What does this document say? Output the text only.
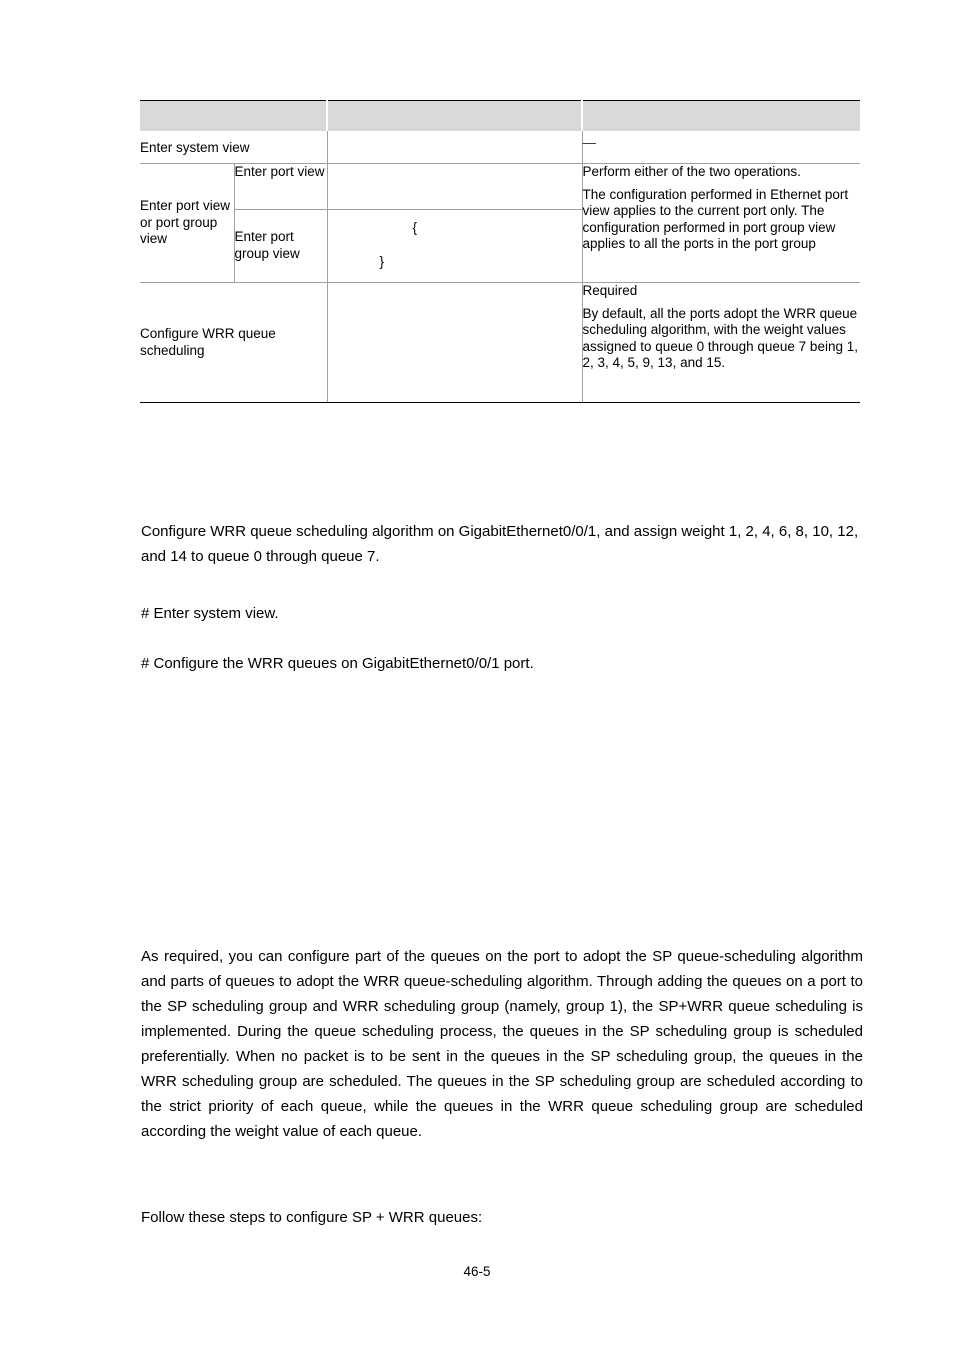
Enter system view			—
Enter port view or port group view	Enter port view		Perform either of the two operations.

The configuration performed in Ethernet port view applies to the current port only. The configuration performed in port group view applies to all the ports in the port group

	Enter port group view	{
}	

Configure WRR queue scheduling			Required

By default, all the ports adopt the WRR queue scheduling algorithm, with the weight values assigned to queue 0 through queue 7 being 1, 2, 3, 4, 5, 9, 13, and 15.

Configure WRR queue scheduling algorithm on GigabitEthernet0/0/1, and assign weight 1, 2, 4, 6, 8, 10, 12, and 14 to queue 0 through queue 7.

# Enter system view.

# Configure the WRR queues on GigabitEthernet0/0/1 port.

As required, you can configure part of the queues on the port to adopt the SP queue-scheduling algorithm and parts of queues to adopt the WRR queue-scheduling algorithm. Through adding the queues on a port to the SP scheduling group and WRR scheduling group (namely, group 1), the SP+WRR queue scheduling is implemented. During the queue scheduling process, the queues in the SP scheduling group is scheduled preferentially. When no packet is to be sent in the queues in the SP scheduling group, the queues in the WRR scheduling group are scheduled. The queues in the SP scheduling group are scheduled according to the strict priority of each queue, while the queues in the WRR queue scheduling group are scheduled according the weight value of each queue.

Follow these steps to configure SP + WRR queues:

46-5
